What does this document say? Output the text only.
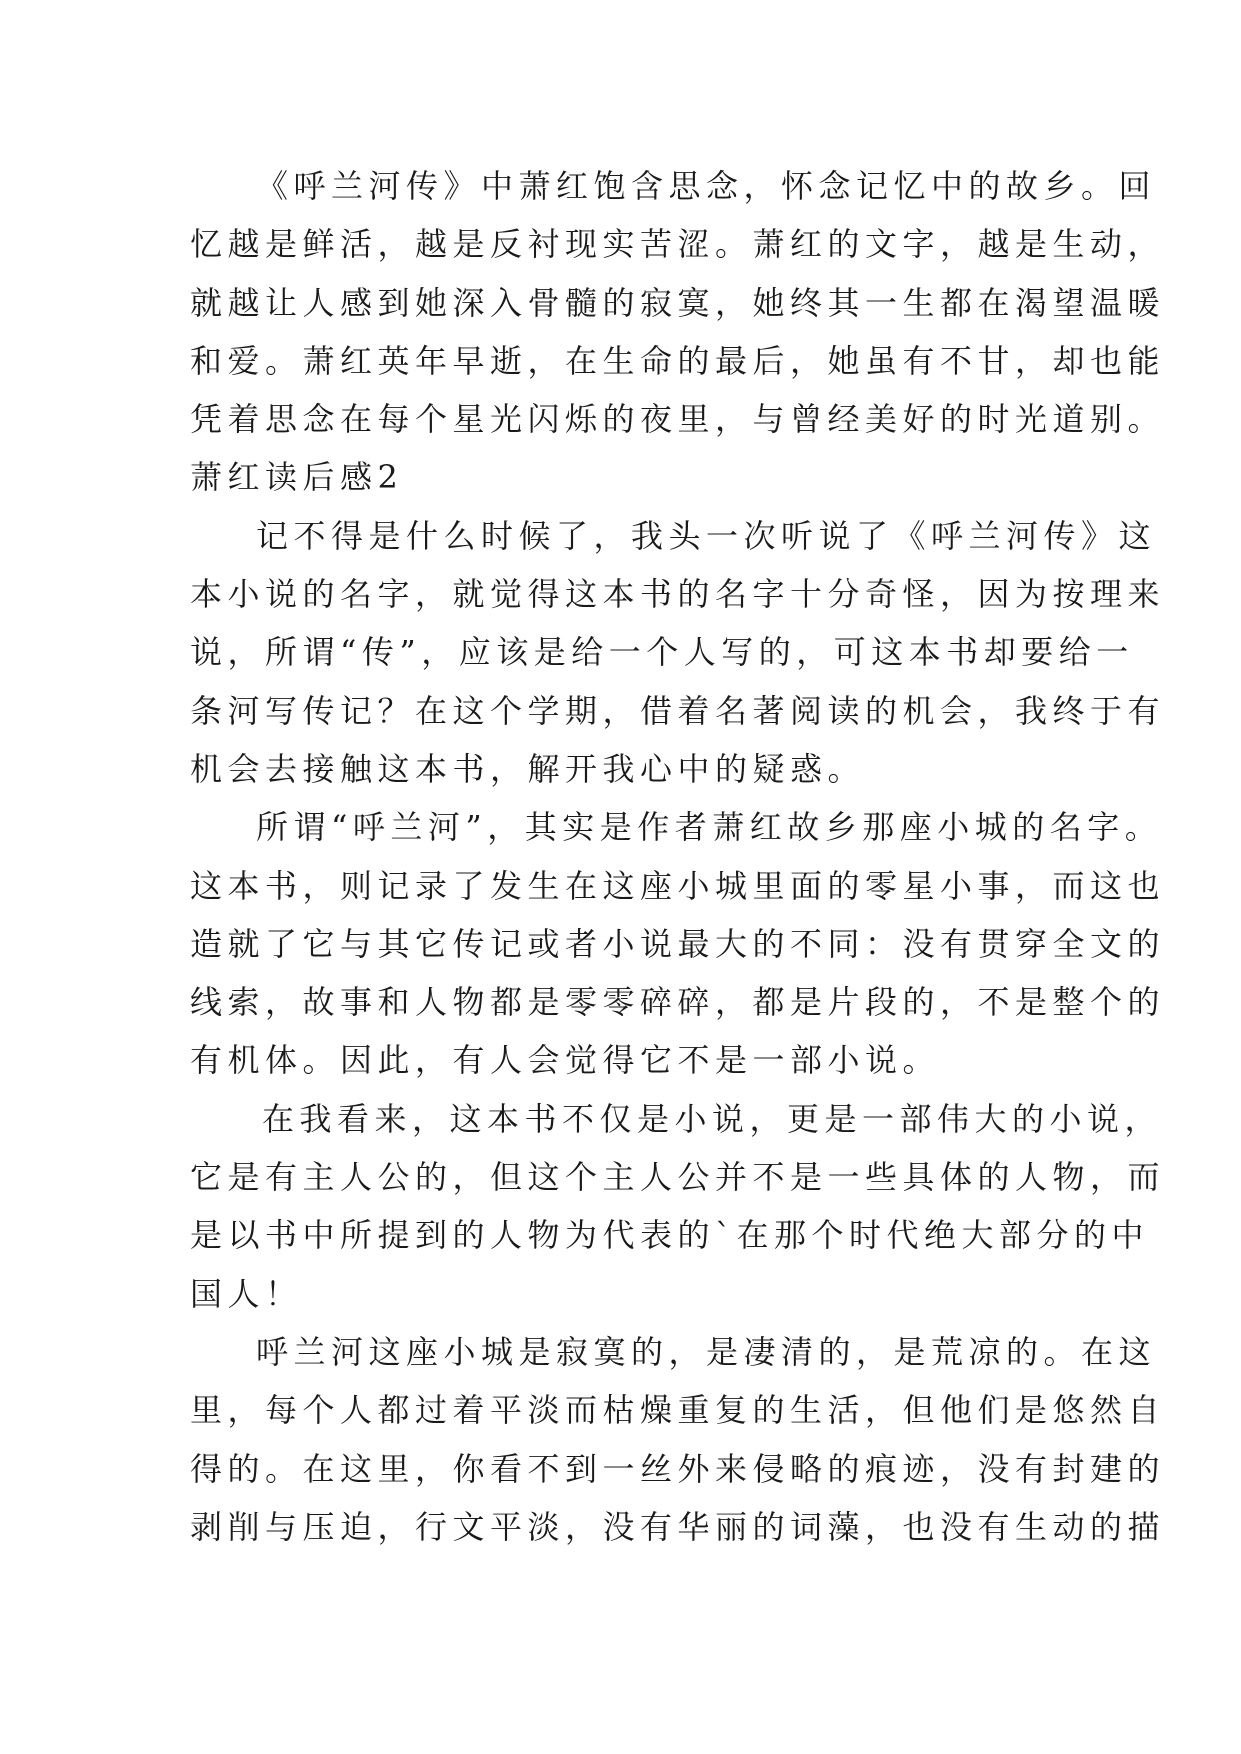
《呼兰河传》中萧红饱含思念，怀念记忆中的故乡。回
忆越是鲜活，越是反衬现实苦涩。萧红的文字，越是生动，
就越让人感到她深入骨髓的寂寞，她终其一生都在渴望温暖
和爱。萧红英年早逝，在生命的最后，她虽有不甘，却也能
凭着思念在每个星光闪烁的夜里，与曾经美好的时光道别。
萧红读后感2
记不得是什么时候了，我头一次听说了《呼兰河传》这
本小说的名字，就觉得这本书的名字十分奇怪，因为按理来
说，所谓“传”，应该是给一个人写的，可这本书却要给一
条河写传记？在这个学期，借着名著阅读的机会，我终于有
机会去接触这本书，解开我心中的疑惑。
所谓“呼兰河”，其实是作者萧红故乡那座小城的名字。
这本书，则记录了发生在这座小城里面的零星小事，而这也
造就了它与其它传记或者小说最大的不同：没有贯穿全文的
线索，故事和人物都是零零碎碎，都是片段的，不是整个的
有机体。因此，有人会觉得它不是一部小说。
在我看来，这本书不仅是小说，更是一部伟大的小说，
它是有主人公的，但这个主人公并不是一些具体的人物，而
是以书中所提到的人物为代表的`在那个时代绝大部分的中
国人！
呼兰河这座小城是寂寞的，是凄清的，是荒凉的。在这
里，每个人都过着平淡而枯燥重复的生活，但他们是悠然自
得的。在这里，你看不到一丝外来侵略的痕迹，没有封建的
剥削与压迫，行文平淡，没有华丽的词藻，也没有生动的描
